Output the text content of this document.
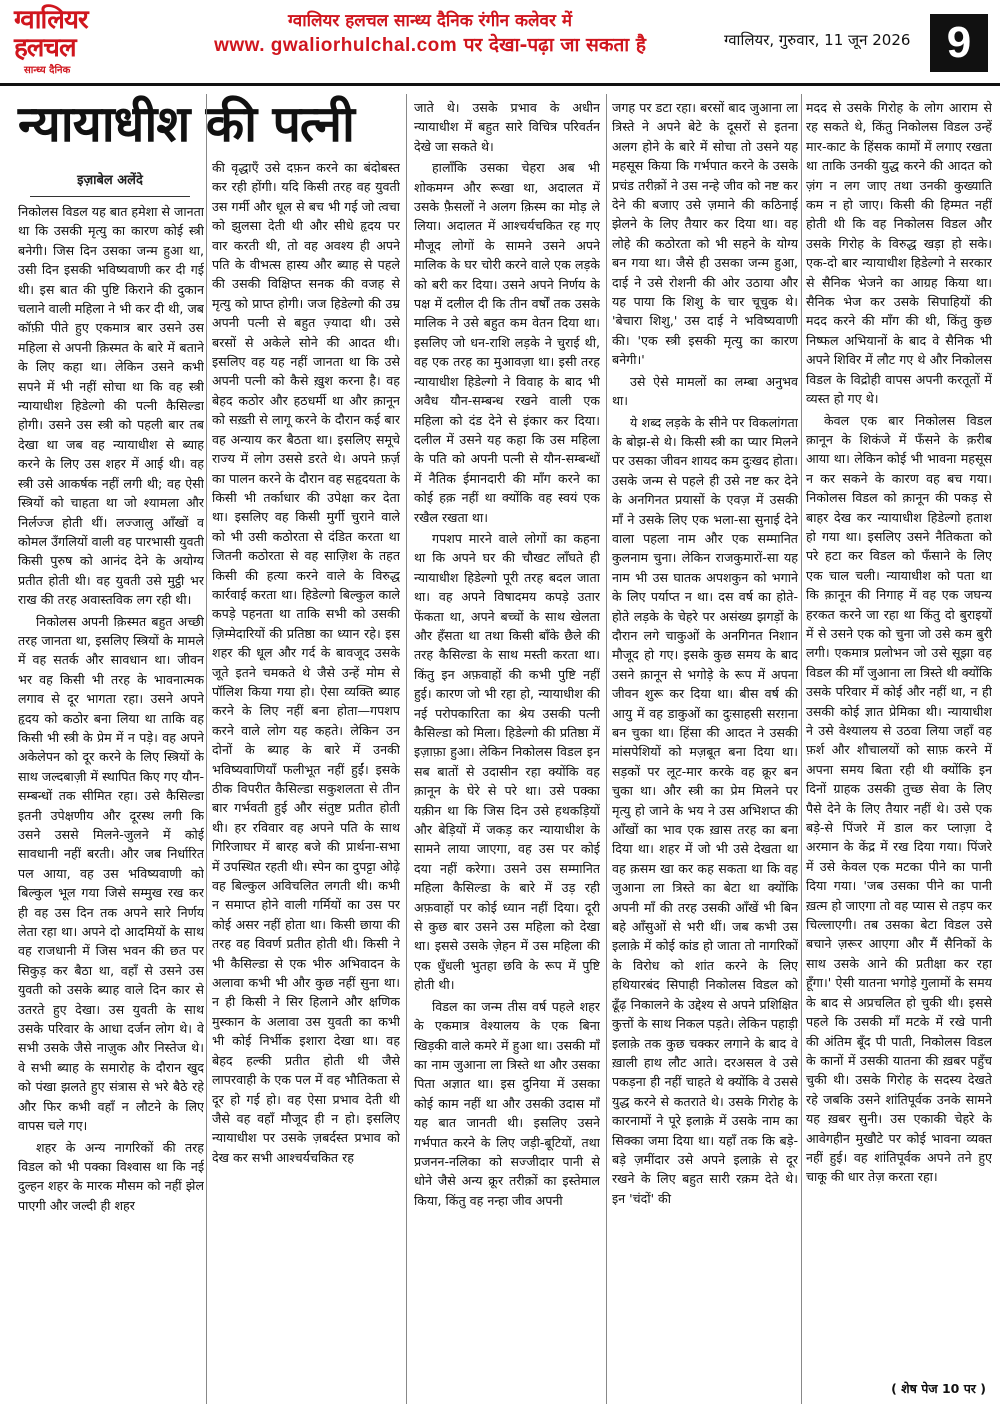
ग्वालियर
हलचल
सान्ध्य दैनिक
ग्वालियर हलचल सान्ध्य दैनिक रंगीन कलेवर में
www. gwaliorhulchal.com पर देखा-पढ़ा जा सकता है	ग्वालियर, गुरुवार, 11 जून 2026 9
न्यायाधीश की पत्नी
इज़ाबेल अलेंदे

निकोलस विडल यह बात हमेशा से जानता था कि उसकी मृत्यु का कारण कोई स्त्री बनेगी। जिस दिन उसका जन्म हुआ था, उसी दिन इसकी भविष्यवाणी कर दी गई थी। इस बात की पुष्टि किराने की दुकान चलाने वाली महिला ने भी कर दी थी, जब कॉफ़ी पीते हुए एकमात्र बार उसने उस महिला से अपनी क़िस्मत के बारे में बताने के लिए कहा था। लेकिन उसने कभी सपने में भी नहीं सोचा था कि वह स्त्री न्यायाधीश हिडेल्गो की पत्नी कैसिल्डा होगी। उसने उस स्त्री को पहली बार तब देखा था जब वह न्यायाधीश से ब्याह करने के लिए उस शहर में आई थी। वह स्त्री उसे आकर्षक नहीं लगी थी; वह ऐसी स्त्रियों को चाहता था जो श्यामला और निर्लज्ज होती थीं। लज्जालु आँखों व कोमल उँगलियों वाली वह पारभासी युवती किसी पुरुष को आनंद देने के अयोग्य प्रतीत होती थी। वह युवती उसे मुट्ठी भर राख की तरह अवास्तविक लग रही थी।

निकोलस अपनी क़िस्मत बहुत अच्छी तरह जानता था, इसलिए स्त्रियों के मामले में वह सतर्क और सावधान था। जीवन भर वह किसी भी तरह के भावनात्मक लगाव से दूर भागता रहा। उसने अपने हृदय को कठोर बना लिया था ताकि वह किसी भी स्त्री के प्रेम में न पड़े। वह अपने अकेलेपन को दूर करने के लिए स्त्रियों के साथ जल्दबाज़ी में स्थापित किए गए यौन-सम्बन्धों तक सीमित रहा। उसे कैसिल्डा इतनी उपेक्षणीय और दूरस्थ लगी कि उसने उससे मिलने-जुलने में कोई सावधानी नहीं बरती। और जब निर्धारित पल आया, वह उस भविष्यवाणी को बिल्कुल भूल गया जिसे सम्मुख रख कर ही वह उस दिन तक अपने सारे निर्णय लेता रहा था। अपने दो आदमियों के साथ वह राजधानी में जिस भवन की छत पर सिकुड़ कर बैठा था, वहाँ से उसने उस युवती को उसके ब्याह वाले दिन कार से उतरते हुए देखा। उस युवती के साथ उसके परिवार के आधा दर्जन लोग थे। वे सभी उसके जैसे नाज़ुक और निस्तेज थे। वे सभी ब्याह के समारोह के दौरान खुद को पंखा झलते हुए संत्रास से भरे बैठे रहे और फिर कभी वहाँ न लौटने के लिए वापस चले गए।

शहर के अन्य नागरिकों की तरह विडल को भी पक्का विश्वास था कि नई दुल्हन शहर के मारक मौसम को नहीं झेल पाएगी और जल्दी ही शहर

की वृद्धाएँ उसे दफ़न करने का बंदोबस्त कर रही होंगी। यदि किसी तरह वह युवती उस गर्मी और धूल से बच भी गई जो त्वचा को झुलसा देती थी और सीधे हृदय पर वार करती थी, तो वह अवश्य ही अपने पति के वीभत्स हास्य और ब्याह से पहले की उसकी विक्षिप्त सनक की वजह से मृत्यु को प्राप्त होगी। जज हिडेल्गो की उम्र अपनी पत्नी से बहुत ज़्यादा थी। उसे बरसों से अकेले सोने की आदत थी। इसलिए वह यह नहीं जानता था कि उसे अपनी पत्नी को कैसे ख़ुश करना है। वह बेहद कठोर और हठधर्मी था और क़ानून को सख़्ती से लागू करने के दौरान कई बार वह अन्याय कर बैठता था। इसलिए समूचे राज्य में लोग उससे डरते थे। अपने फ़र्ज़ का पालन करने के दौरान वह सहृदयता के किसी भी तर्काधार की उपेक्षा कर देता था। इसलिए वह किसी मुर्गी चुराने वाले को भी उसी कठोरता से दंडित करता था जितनी कठोरता से वह साज़िश के तहत किसी की हत्या करने वाले के विरुद्ध कार्रवाई करता था। हिडेल्गो बिल्कुल काले कपड़े पहनता था ताकि सभी को उसकी ज़िम्मेदारियों की प्रतिष्ठा का ध्यान रहे। इस शहर की धूल और गर्द के बावजूद उसके जूते इतने चमकते थे जैसे उन्हें मोम से पॉलिश किया गया हो। ऐसा व्यक्ति ब्याह करने के लिए नहीं बना होता—गपशप करने वाले लोग यह कहते। लेकिन उन दोनों के ब्याह के बारे में उनकी भविष्यवाणियाँ फलीभूत नहीं हुईं। इसके ठीक विपरीत कैसिल्डा सकुशलता से तीन बार गर्भवती हुई और संतुष्ट प्रतीत होती थी। हर रविवार वह अपने पति के साथ गिरिजाघर में बारह बजे की प्रार्थना-सभा में उपस्थित रहती थी। स्पेन का दुपट्टा ओढ़े वह बिल्कुल अविचलित लगती थी। कभी न समाप्त होने वाली गर्मियों का उस पर कोई असर नहीं होता था। किसी छाया की तरह वह विवर्ण प्रतीत होती थी। किसी ने भी कैसिल्डा से एक भीरु अभिवादन के अलावा कभी भी और कुछ नहीं सुना था। न ही किसी ने सिर हिलाने और क्षणिक मुस्कान के अलावा उस युवती का कभी भी कोई निर्भीक इशारा देखा था। वह बेहद हल्की प्रतीत होती थी जैसे लापरवाही के एक पल में वह भौतिकता से दूर हो गई हो। वह ऐसा प्रभाव देती थी जैसे वह वहाँ मौजूद ही न हो। इसलिए न्यायाधीश पर उसके ज़बर्दस्त प्रभाव को देख कर सभी आश्चर्यचकित रह

जाते थे। उसके प्रभाव के अधीन न्यायाधीश में बहुत सारे विचित्र परिवर्तन देखे जा सकते थे।

हालाँकि उसका चेहरा अब भी शोकमग्न और रूखा था, अदालत में उसके फ़ैसलों ने अलग क़िस्म का मोड़ ले लिया। अदालत में आश्चर्यचकित रह गए मौजूद लोगों के सामने उसने अपने मालिक के घर चोरी करने वाले एक लड़के को बरी कर दिया। उसने अपने निर्णय के पक्ष में दलील दी कि तीन वर्षों तक उसके मालिक ने उसे बहुत कम वेतन दिया था। इसलिए जो धन-राशि लड़के ने चुराई थी, वह एक तरह का मुआवज़ा था। इसी तरह न्यायाधीश हिडेल्गो ने विवाह के बाद भी अवैध यौन-सम्बन्ध रखने वाली एक महिला को दंड देने से इंकार कर दिया। दलील में उसने यह कहा कि उस महिला के पति को अपनी पत्नी से यौन-सम्बन्धों में नैतिक ईमानदारी की माँग करने का कोई हक़ नहीं था क्योंकि वह स्वयं एक रखैल रखता था।

गपशप मारने वाले लोगों का कहना था कि अपने घर की चौखट लाँघते ही न्यायाधीश हिडेल्गो पूरी तरह बदल जाता था। वह अपने विषादमय कपड़े उतार फेंकता था, अपने बच्चों के साथ खेलता और हँसता था तथा किसी बाँके छैले की तरह कैसिल्डा के साथ मस्ती करता था। किंतु इन अफ़वाहों की कभी पुष्टि नहीं हुई। कारण जो भी रहा हो, न्यायाधीश की नई परोपकारिता का श्रेय उसकी पत्नी कैसिल्डा को मिला। हिडेल्गो की प्रतिष्ठा में इज़ाफ़ा हुआ। लेकिन निकोलस विडल इन सब बातों से उदासीन रहा क्योंकि वह क़ानून के घेरे से परे था। उसे पक्का यक़ीन था कि जिस दिन उसे हथकड़ियों और बेड़ियों में जकड़ कर न्यायाधीश के सामने लाया जाएगा, वह उस पर कोई दया नहीं करेगा। उसने उस सम्मानित महिला कैसिल्डा के बारे में उड़ रही अफ़वाहों पर कोई ध्यान नहीं दिया। दूरी से कुछ बार उसने उस महिला को देखा था। इससे उसके ज़ेहन में उस महिला की एक धुँधली भुतहा छवि के रूप में पुष्टि होती थी।

विडल का जन्म तीस वर्ष पहले शहर के एकमात्र वेश्यालय के एक बिना खिड़की वाले कमरे में हुआ था। उसकी माँ का नाम जुआना ला त्रिस्ते था और उसका पिता अज्ञात था। इस दुनिया में उसका कोई काम नहीं था और उसकी उदास माँ यह बात जानती थी। इसलिए उसने गर्भपात करने के लिए जड़ी-बूटियों, तथा प्रजनन-नलिका को सज्जीदार पानी से धोने जैसे अन्य क्रूर तरीक़ों का इस्तेमाल किया, किंतु वह नन्हा जीव अपनी

जगह पर डटा रहा। बरसों बाद जुआना ला त्रिस्ते ने अपने बेटे के दूसरों से इतना अलग होने के बारे में सोचा तो उसने यह महसूस किया कि गर्भपात करने के उसके प्रचंड तरीक़ों ने उस नन्हे जीव को नष्ट कर देने की बजाए उसे ज़माने की कठिनाई झेलने के लिए तैयार कर दिया था। वह लोहे की कठोरता को भी सहने के योग्य बन गया था। जैसे ही उसका जन्म हुआ, दाई ने उसे रोशनी की ओर उठाया और यह पाया कि शिशु के चार चूचुक थे। 'बेचारा शिशु,' उस दाई ने भविष्यवाणी की। 'एक स्त्री इसकी मृत्यु का कारण बनेगी।'

उसे ऐसे मामलों का लम्बा अनुभव था।

ये शब्द लड़के के सीने पर विकलांगता के बोझ-से थे। किसी स्त्री का प्यार मिलने पर उसका जीवन शायद कम दुःखद होता। उसके जन्म से पहले ही उसे नष्ट कर देने के अनगिनत प्रयासों के एवज़ में उसकी माँ ने उसके लिए एक भला-सा सुनाई देने वाला पहला नाम और एक सम्मानित कुलनाम चुना। लेकिन राजकुमारों-सा यह नाम भी उस घातक अपशकुन को भगाने के लिए पर्याप्त न था। दस वर्ष का होते-होते लड़के के चेहरे पर असंख्य झगड़ों के दौरान लगे चाकुओं के अनगिनत निशान मौजूद हो गए। इसके कुछ समय के बाद उसने क़ानून से भगोड़े के रूप में अपना जीवन शुरू कर दिया था। बीस वर्ष की आयु में वह डाकुओं का दुःसाहसी सरग़ना बन चुका था। हिंसा की आदत ने उसकी मांसपेशियों को मज़बूत बना दिया था। सड़कों पर लूट-मार करके वह क्रूर बन चुका था। और स्त्री का प्रेम मिलने पर मृत्यु हो जाने के भय ने उस अभिशप्त की आँखों का भाव एक ख़ास तरह का बना दिया था। शहर में जो भी उसे देखता था वह क़सम खा कर कह सकता था कि वह जुआना ला त्रिस्ते का बेटा था क्योंकि अपनी माँ की तरह उसकी आँखें भी बिन बहे आँसुओं से भरी थीं। जब कभी उस इलाक़े में कोई कांड हो जाता तो नागरिकों के विरोध को शांत करने के लिए हथियारबंद सिपाही निकोलस विडल को ढूँढ़ निकालने के उद्देश्य से अपने प्रशिक्षित कुत्तों के साथ निकल पड़ते। लेकिन पहाड़ी इलाक़े तक कुछ चक्कर लगाने के बाद वे ख़ाली हाथ लौट आते। दरअसल वे उसे पकड़ना ही नहीं चाहते थे क्योंकि वे उससे युद्ध करने से कतराते थे। उसके गिरोह के कारनामों ने पूरे इलाक़े में उसके नाम का सिक्का जमा दिया था। यहाँ तक कि बड़े-बड़े ज़मींदार उसे अपने इलाक़े से दूर रखने के लिए बहुत सारी रक़म देते थे। इन 'चंदों' की

मदद से उसके गिरोह के लोग आराम से रह सकते थे, किंतु निकोलस विडल उन्हें मार-काट के हिंसक कामों में लगाए रखता था ताकि उनकी युद्ध करने की आदत को ज़ंग न लग जाए तथा उनकी कुख्याति कम न हो जाए। किसी की हिम्मत नहीं होती थी कि वह निकोलस विडल और उसके गिरोह के विरुद्ध खड़ा हो सके। एक-दो बार न्यायाधीश हिडेल्गो ने सरकार से सैनिक भेजने का आग्रह किया था। सैनिक भेज कर उसके सिपाहियों की मदद करने की माँग की थी, किंतु कुछ निष्फल अभियानों के बाद वे सैनिक भी अपने शिविर में लौट गए थे और निकोलस विडल के विद्रोही वापस अपनी करतूतों में व्यस्त हो गए थे।

केवल एक बार निकोलस विडल क़ानून के शिकंजे में फँसने के क़रीब आया था। लेकिन कोई भी भावना महसूस न कर सकने के कारण वह बच गया। निकोलस विडल को क़ानून की पकड़ से बाहर देख कर न्यायाधीश हिडेल्गो हताश हो गया था। इसलिए उसने नैतिकता को परे हटा कर विडल को फँसाने के लिए एक चाल चली। न्यायाधीश को पता था कि क़ानून की निगाह में वह एक जघन्य हरकत करने जा रहा था किंतु दो बुराइयों में से उसने एक को चुना जो उसे कम बुरी लगी। एकमात्र प्रलोभन जो उसे सूझा वह विडल की माँ जुआना ला त्रिस्ते थी क्योंकि उसके परिवार में कोई और नहीं था, न ही उसकी कोई ज्ञात प्रेमिका थी। न्यायाधीश ने उसे वेश्यालय से उठवा लिया जहाँ वह फ़र्श और शौचालयों को साफ़ करने में अपना समय बिता रही थी क्योंकि इन दिनों ग्राहक उसकी तुच्छ सेवा के लिए पैसे देने के लिए तैयार नहीं थे। उसे एक बड़े-से पिंजरे में डाल कर प्लाज़ा दे अरमान के केंद्र में रख दिया गया। पिंजरे में उसे केवल एक मटका पीने का पानी दिया गया। 'जब उसका पीने का पानी ख़त्म हो जाएगा तो वह प्यास से तड़प कर चिल्लाएगी। तब उसका बेटा विडल उसे बचाने ज़रूर आएगा और मैं सैनिकों के साथ उसके आने की प्रतीक्षा कर रहा हूँगा।' ऐसी यातना भगोड़े गुलामों के समय के बाद से अप्रचलित हो चुकी थी। इससे पहले कि उसकी माँ मटके में रखे पानी की अंतिम बूँद पी पाती, निकोलस विडल के कानों में उसकी यातना की ख़बर पहुँच चुकी थी। उसके गिरोह के सदस्य देखते रहे जबकि उसने शांतिपूर्वक उनके सामने यह ख़बर सुनी। उस एकाकी चेहरे के आवेगहीन मुखौटे पर कोई भावना व्यक्त नहीं हुई। वह शांतिपूर्वक अपने तने हुए चाकू की धार तेज़ करता रहा।

( शेष पेज 10 पर )
